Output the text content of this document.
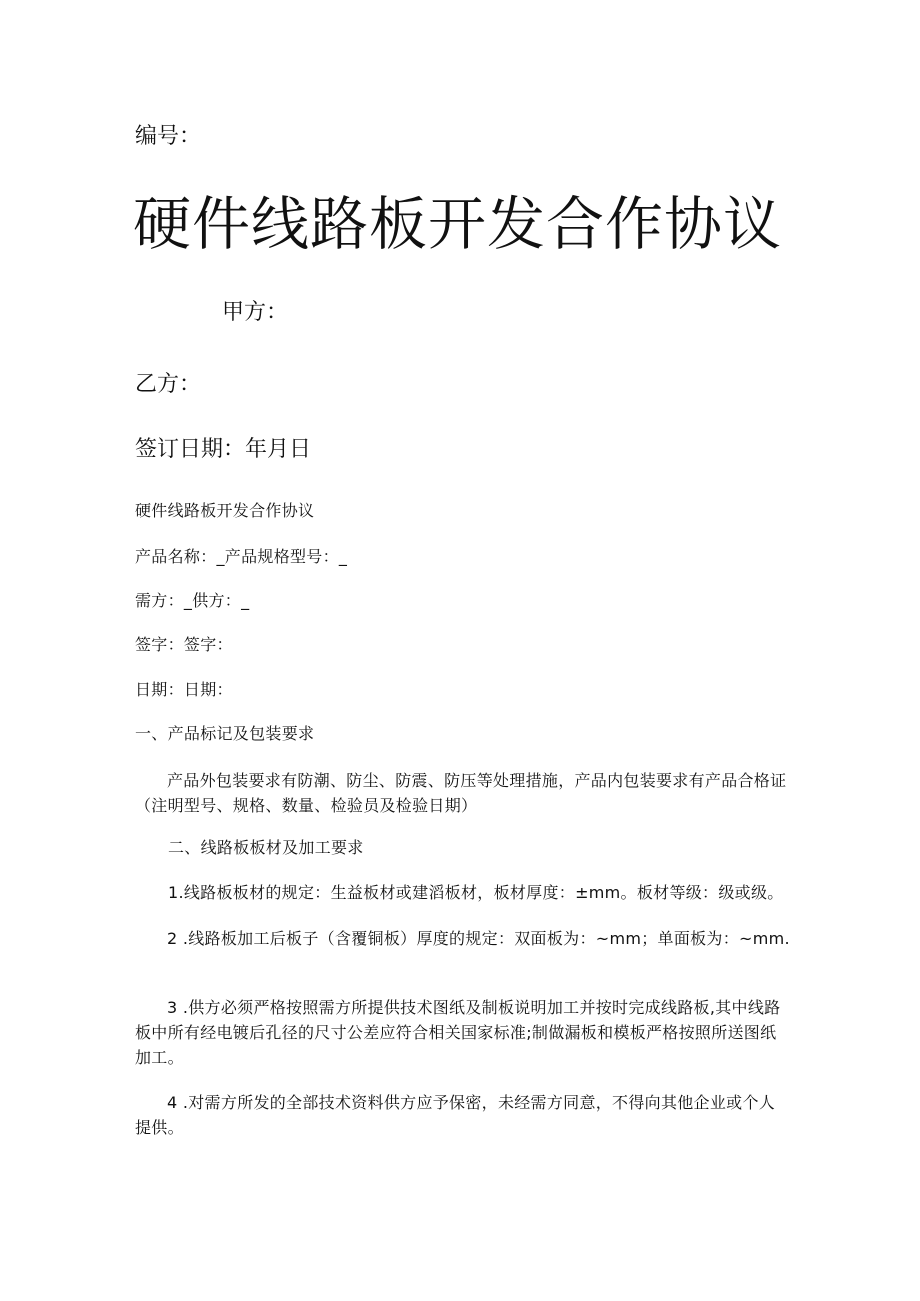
编号：
硬件线路板开发合作协议
甲方：
乙方：
签订日期：年月日
硬件线路板开发合作协议
产品名称：_产品规格型号：_
需方：_供方：_
签字：签字：
日期：日期：
一、产品标记及包装要求
产品外包装要求有防潮、防尘、防震、防压等处理措施，产品内包装要求有产品合格证（注明型号、规格、数量、检验员及检验日期）
二、线路板板材及加工要求
1.线路板板材的规定：生益板材或建滔板材，板材厚度：±mm。板材等级：级或级。
2 .线路板加工后板子（含覆铜板）厚度的规定：双面板为：~mm；单面板为：~mm.
3 .供方必须严格按照需方所提供技术图纸及制板说明加工并按时完成线路板,其中线路板中所有经电镀后孔径的尺寸公差应符合相关国家标准;制做漏板和模板严格按照所送图纸加工。
4 .对需方所发的全部技术资料供方应予保密，未经需方同意，不得向其他企业或个人提供。
